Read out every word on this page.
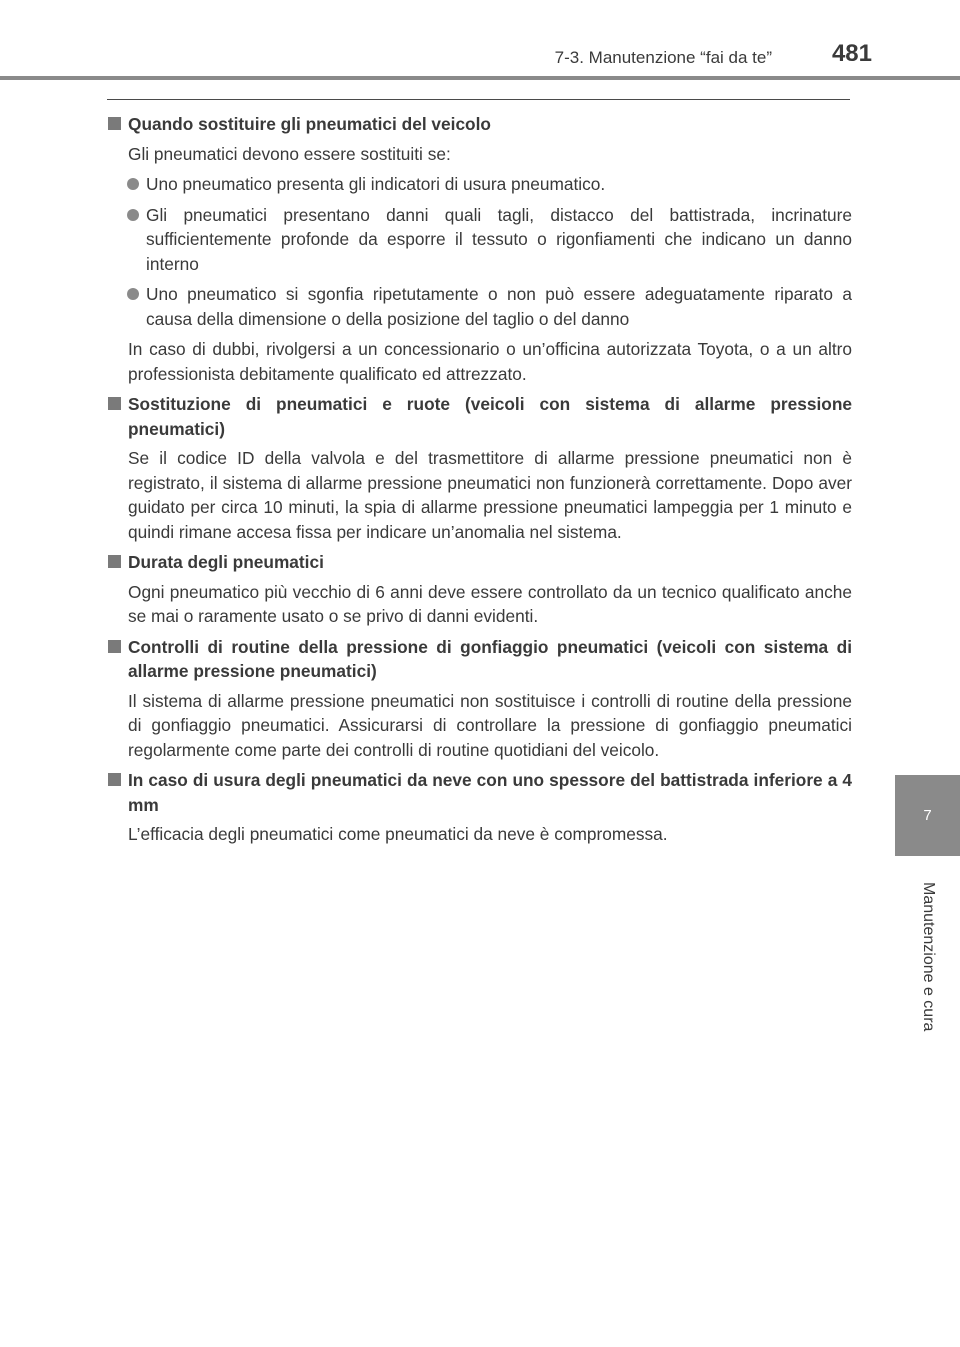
7-3. Manutenzione “fai da te” 481
7
Manutenzione e cura
Quando sostituire gli pneumatici del veicolo
Gli pneumatici devono essere sostituiti se:
Uno pneumatico presenta gli indicatori di usura pneumatico.
Gli pneumatici presentano danni quali tagli, distacco del battistrada, incrinature sufficientemente profonde da esporre il tessuto o rigonfiamenti che indicano un danno interno
Uno pneumatico si sgonfia ripetutamente o non può essere adeguatamente riparato a causa della dimensione o della posizione del taglio o del danno
In caso di dubbi, rivolgersi a un concessionario o un’officina autorizzata Toyota, o a un altro professionista debitamente qualificato ed attrezzato.
Sostituzione di pneumatici e ruote (veicoli con sistema di allarme pressione pneumatici)
Se il codice ID della valvola e del trasmettitore di allarme pressione pneumatici non è registrato, il sistema di allarme pressione pneumatici non funzionerà correttamente. Dopo aver guidato per circa 10 minuti, la spia di allarme pressione pneumatici lampeggia per 1 minuto e quindi rimane accesa fissa per indicare un’anomalia nel sistema.
Durata degli pneumatici
Ogni pneumatico più vecchio di 6 anni deve essere controllato da un tecnico qualificato anche se mai o raramente usato o se privo di danni evidenti.
Controlli di routine della pressione di gonfiaggio pneumatici (veicoli con sistema di allarme pressione pneumatici)
Il sistema di allarme pressione pneumatici non sostituisce i controlli di routine della pressione di gonfiaggio pneumatici. Assicurarsi di controllare la pressione di gonfiaggio pneumatici regolarmente come parte dei controlli di routine quotidiani del veicolo.
In caso di usura degli pneumatici da neve con uno spessore del battistrada inferiore a 4 mm
L’efficacia degli pneumatici come pneumatici da neve è compromessa.
